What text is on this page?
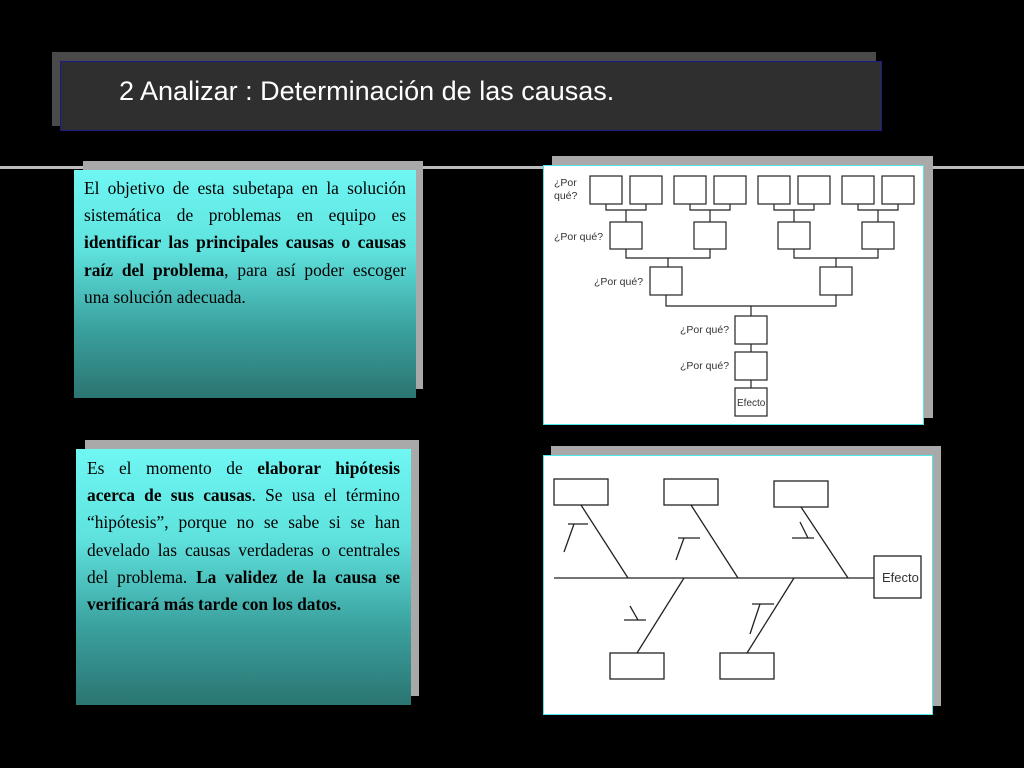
2 Analizar : Determinación de las causas.
El objetivo de esta subetapa en la solución sistemática de problemas en equipo es identificar las principales causas o causas raíz del problema, para así poder escoger una solución adecuada.
Es el momento de elaborar hipótesis acerca de sus causas. Se usa el término “hipótesis”, porque no se sabe si se han develado las causas verdaderas o centrales del problema. La validez de la causa se verificará más tarde con los datos.
¿Por
qué?
¿Por qué?
¿Por qué?
¿Por qué?
¿Por qué?
Efecto
Efecto
